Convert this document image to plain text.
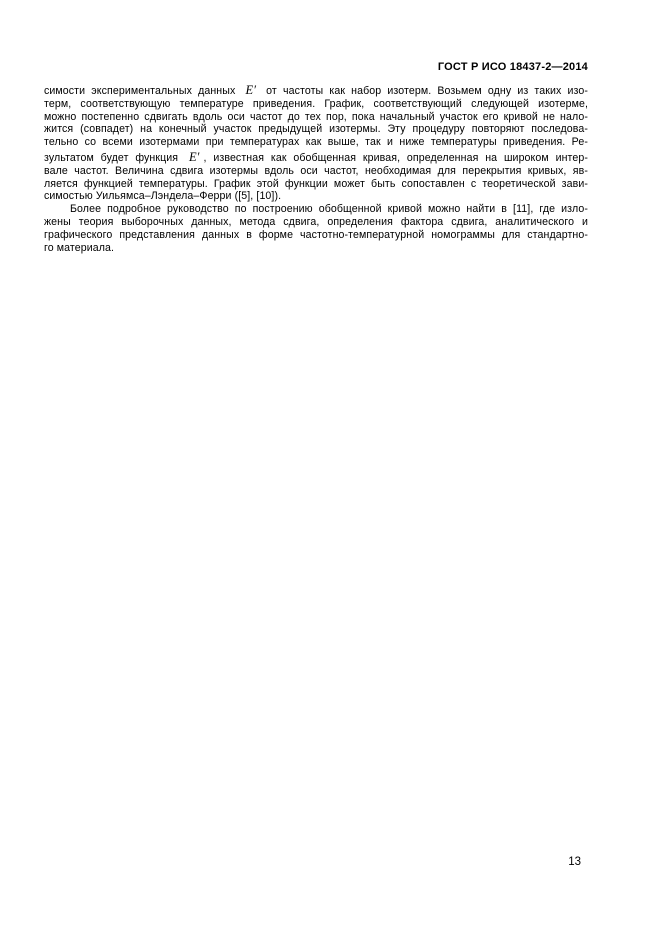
ГОСТ Р ИСО 18437-2—2014
симости экспериментальных данных E′ от частоты как набор изотерм. Возьмем одну из таких изо-
терм, соответствующую температуре приведения. График, соответствующий следующей изотерме,
можно постепенно сдвигать вдоль оси частот до тех пор, пока начальный участок его кривой не нало-
жится (совпадет) на конечный участок предыдущей изотермы. Эту процедуру повторяют последова-
тельно со всеми изотермами при температурах как выше, так и ниже температуры приведения. Ре-
зультатом будет функция E′ , известная как обобщенная кривая, определенная на широком интер-
вале частот. Величина сдвига изотермы вдоль оси частот, необходимая для перекрытия кривых, яв-
ляется функцией температуры. График этой функции может быть сопоставлен с теоретической зави-
симостью Уильямса–Лэндела–Ферри ([5], [10]).
Более подробное руководство по построению обобщенной кривой можно найти в [11], где изло-
жены теория выборочных данных, метода сдвига, определения фактора сдвига, аналитического и
графического представления данных в форме частотно-температурной номограммы для стандартно-
го материала.
13
